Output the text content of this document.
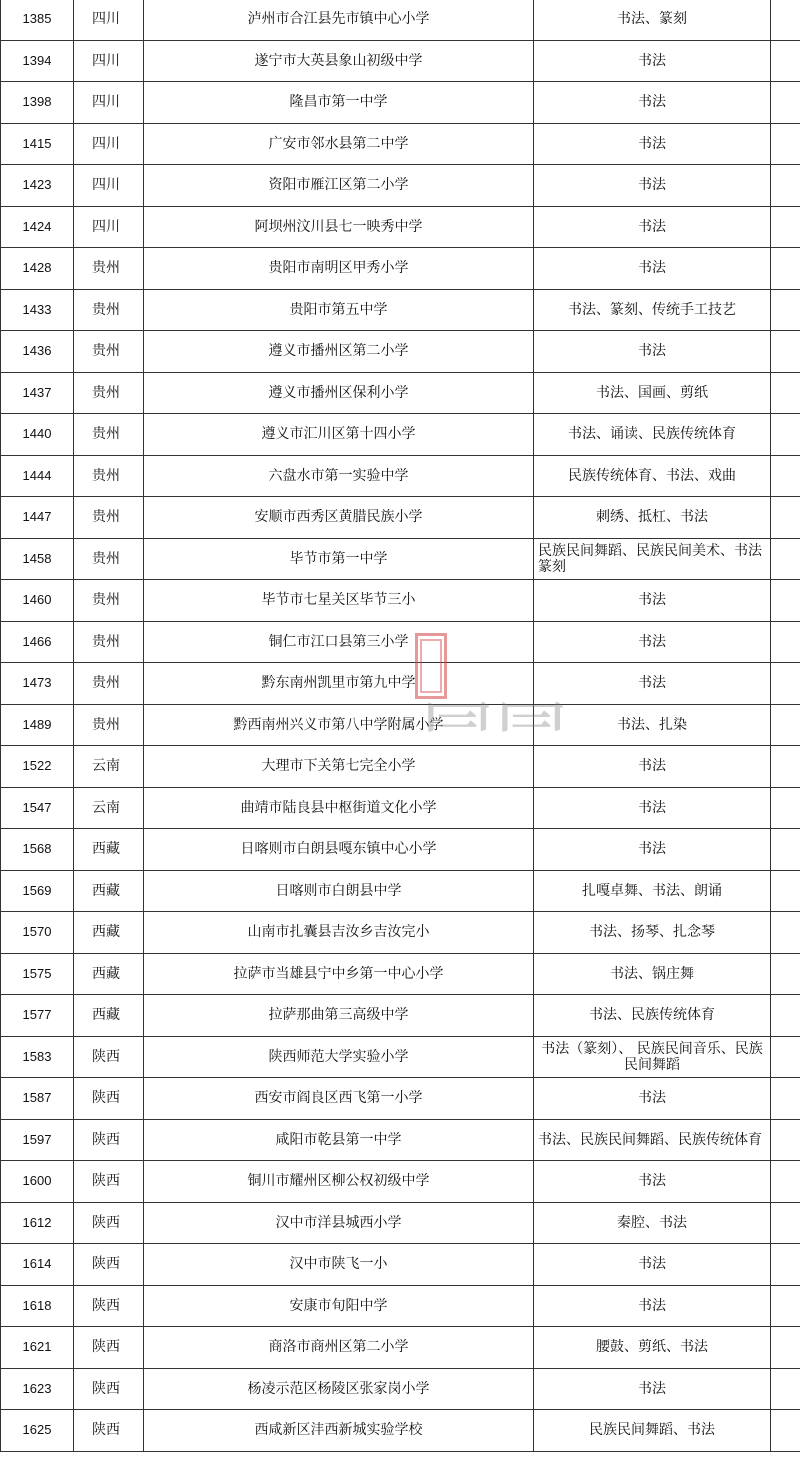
1385	四川	泸州市合江县先市镇中心小学	书法、篆刻	
1394	四川	遂宁市大英县象山初级中学	书法	
1398	四川	隆昌市第一中学	书法	
1415	四川	广安市邻水县第二中学	书法	
1423	四川	资阳市雁江区第二小学	书法	
1424	四川	阿坝州汶川县七一映秀中学	书法	
1428	贵州	贵阳市南明区甲秀小学	书法	
1433	贵州	贵阳市第五中学	书法、篆刻、传统手工技艺	
1436	贵州	遵义市播州区第二小学	书法	
1437	贵州	遵义市播州区保利小学	书法、国画、剪纸	
1440	贵州	遵义市汇川区第十四小学	书法、诵读、民族传统体育	
1444	贵州	六盘水市第一实验中学	民族传统体育、书法、戏曲	
1447	贵州	安顺市西秀区黄腊民族小学	刺绣、抵杠、书法	
1458	贵州	毕节市第一中学	民族民间舞蹈、民族民间美术、书法篆刻	
1460	贵州	毕节市七星关区毕节三小	书法	
1466	贵州	铜仁市江口县第三小学	书法	
1473	贵州	黔东南州凯里市第九中学	书法	
1489	贵州	黔西南州兴义市第八中学附属小学	书法、扎染	
1522	云南	大理市下关第七完全小学	书法	
1547	云南	曲靖市陆良县中枢街道文化小学	书法	
1568	西藏	日喀则市白朗县嘎东镇中心小学	书法	
1569	西藏	日喀则市白朗县中学	扎嘎卓舞、书法、朗诵	
1570	西藏	山南市扎囊县吉汝乡吉汝完小	书法、扬琴、扎念琴	
1575	西藏	拉萨市当雄县宁中乡第一中心小学	书法、锅庄舞	
1577	西藏	拉萨那曲第三高级中学	书法、民族传统体育	
1583	陕西	陕西师范大学实验小学	书法（篆刻）、 民族民间音乐、民族民间舞蹈	
1587	陕西	西安市阎良区西飞第一小学	书法	
1597	陕西	咸阳市乾县第一中学	书法、民族民间舞蹈、民族传统体育	
1600	陕西	铜川市耀州区柳公权初级中学	书法	
1612	陕西	汉中市洋县城西小学	秦腔、书法	
1614	陕西	汉中市陕飞一小	书法	
1618	陕西	安康市旬阳中学	书法	
1621	陕西	商洛市商州区第二小学	腰鼓、剪纸、书法	
1623	陕西	杨凌示范区杨陵区张家岗小学	书法	
1625	陕西	西咸新区沣西新城实验学校	民族民间舞蹈、书法	
⺜⺜
